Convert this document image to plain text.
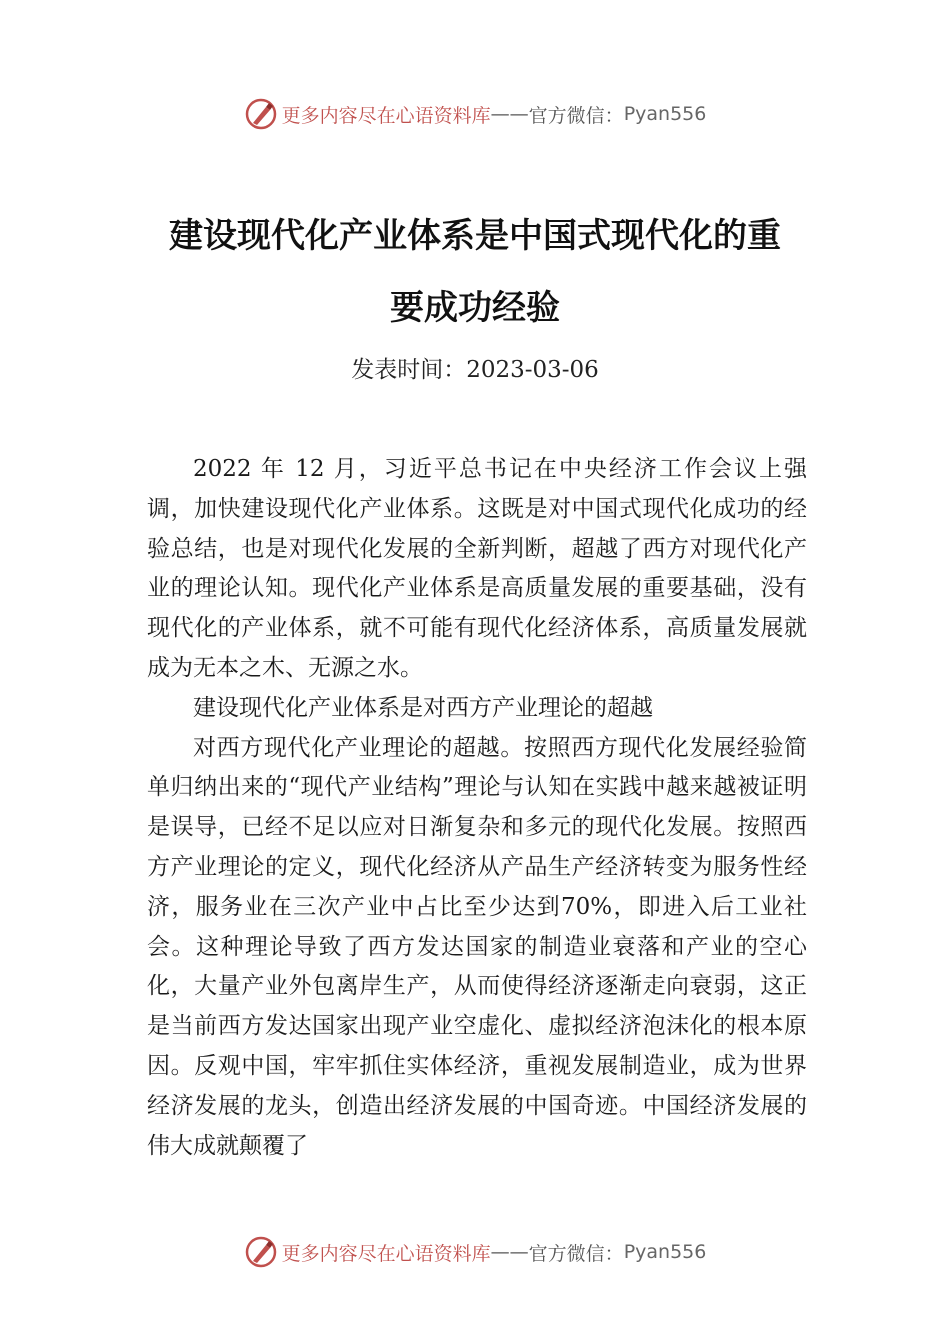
更多内容尽在心语资料库 —— 官方微信： Pyan556
建设现代化产业体系是中国式现代化的重
要成功经验
发表时间：2023-03-06

2022 年 12 月，习近平总书记在中央经济工作会议上强调，加快建设现代化产业体系。这既是对中国式现代化成功的经验总结，也是对现代化发展的全新判断，超越了西方对现代化产业的理论认知。现代化产业体系是高质量发展的重要基础，没有现代化的产业体系，就不可能有现代化经济体系，高质量发展就成为无本之木、无源之水。

建设现代化产业体系是对西方产业理论的超越

对西方现代化产业理论的超越。按照西方现代化发展经验简单归纳出来的“现代产业结构”理论与认知在实践中越来越被证明是误导，已经不足以应对日渐复杂和多元的现代化发展。按照西方产业理论的定义，现代化经济从产品生产经济转变为服务性经济，服务业在三次产业中占比至少达到70%，即进入后工业社会。这种理论导致了西方发达国家的制造业衰落和产业的空心化，大量产业外包离岸生产，从而使得经济逐渐走向衰弱，这正是当前西方发达国家出现产业空虚化、虚拟经济泡沫化的根本原因。反观中国，牢牢抓住实体经济，重视发展制造业，成为世界经济发展的龙头，创造出经济发展的中国奇迹。中国经济发展的伟大成就颠覆了

更多内容尽在心语资料库 —— 官方微信： Pyan556
